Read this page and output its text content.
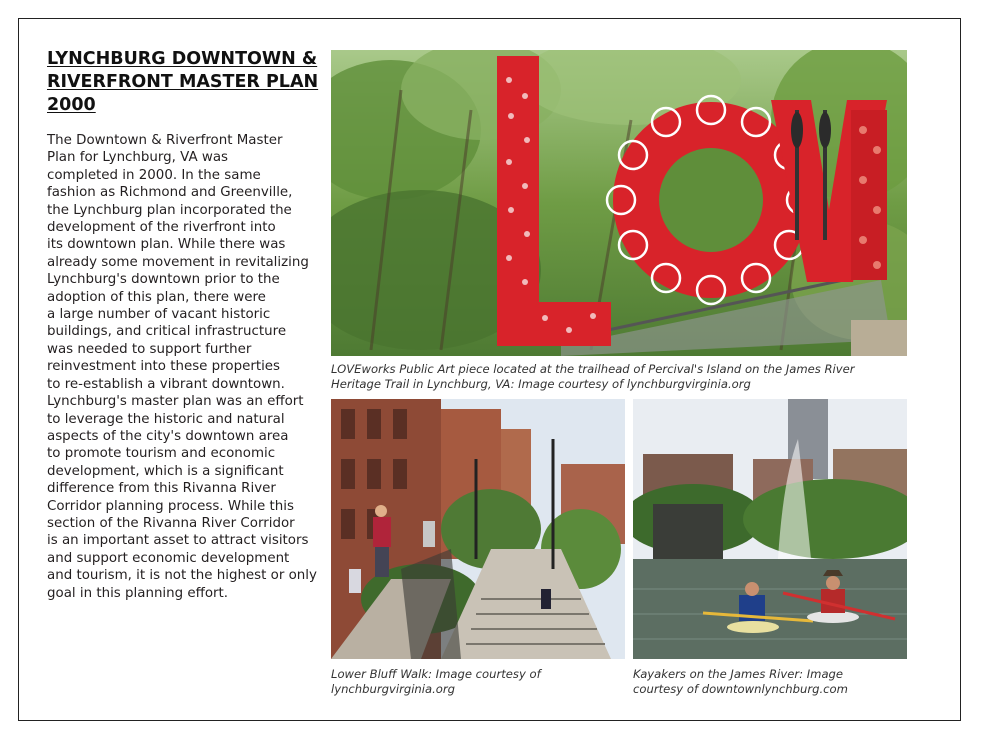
LYNCHBURG DOWNTOWN &
RIVERFRONT MASTER PLAN
2000
The Downtown & Riverfront Master
Plan for Lynchburg, VA was
completed in 2000. In the same
fashion as Richmond and Greenville,
the Lynchburg plan incorporated the
development of the riverfront into
its downtown plan. While there was
already some movement in revitalizing
Lynchburg's downtown prior to the
adoption of this plan, there were
a large number of vacant historic
buildings, and critical infrastructure
was needed to support further
reinvestment into these properties
to re-establish a vibrant downtown.
Lynchburg's master plan was an effort
to leverage the historic and natural
aspects of the city's downtown area
to promote tourism and economic
development, which is a significant
difference from this Rivanna River
Corridor planning process. While this
section of the Rivanna River Corridor
is an important asset to attract visitors
and support economic development
and tourism, it is not the highest or only
goal in this planning effort.
LOVEworks Public Art piece located at the trailhead of Percival's Island on the James River
Heritage Trail in Lynchburg, VA: Image courtesy of lynchburgvirginia.org
Lower Bluff Walk: Image courtesy of
lynchburgvirginia.org
Kayakers on the James River: Image
courtesy of downtownlynchburg.com
